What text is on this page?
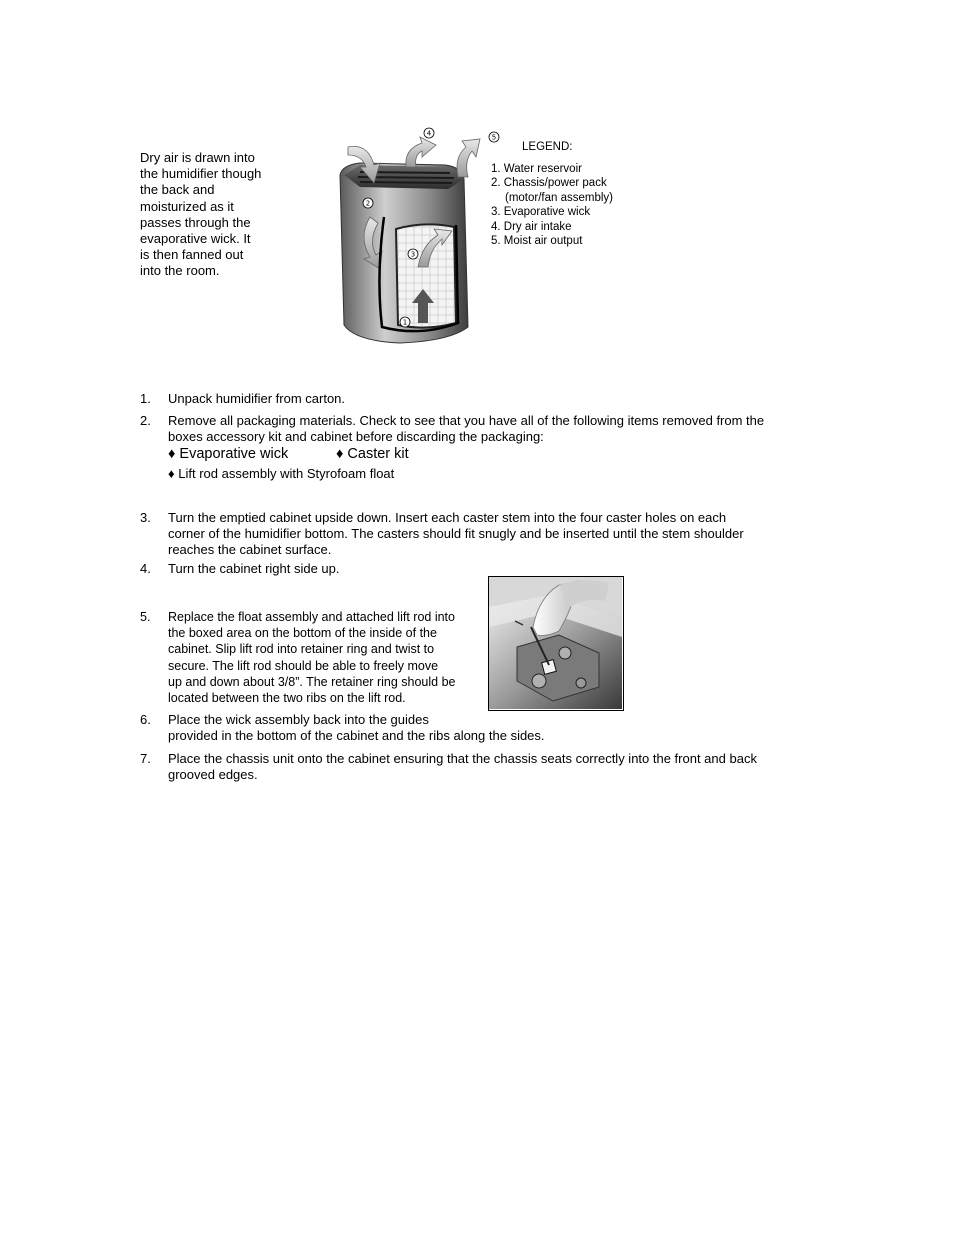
Dry air is drawn into
the humidifier though
the back and
moisturized as it
passes through the
evaporative wick. It
is then fanned out
into the room.
1
2
3
4	5
LEGEND:
1. Water reservoir
2. Chassis/power pack
(motor/fan assembly)
3. Evaporative wick
4. Dry air intake
5. Moist air output
1. Unpack humidifier from carton.
2. Remove all packaging materials. Check to see that you have all of the following items removed from the
boxes accessory kit and cabinet before discarding the packaging:
♦ Evaporative wick	♦ Caster kit
♦ Lift rod assembly with Styrofoam float
3. Turn the emptied cabinet upside down. Insert each caster stem into the four caster holes on each
corner of the humidifier bottom. The casters should fit snugly and be inserted until the stem shoulder
reaches the cabinet surface.
4. Turn the cabinet right side up.
5. Replace the float assembly and attached lift rod into
the boxed area on the bottom of the inside of the
cabinet. Slip lift rod into retainer ring and twist to
secure. The lift rod should be able to freely move
up and down about 3/8”. The retainer ring should be
located between the two ribs on the lift rod.
6. Place the wick assembly back into the guides
provided in the bottom of the cabinet and the ribs along the sides.
7. Place the chassis unit onto the cabinet ensuring that the chassis seats correctly into the front and back
grooved edges.
